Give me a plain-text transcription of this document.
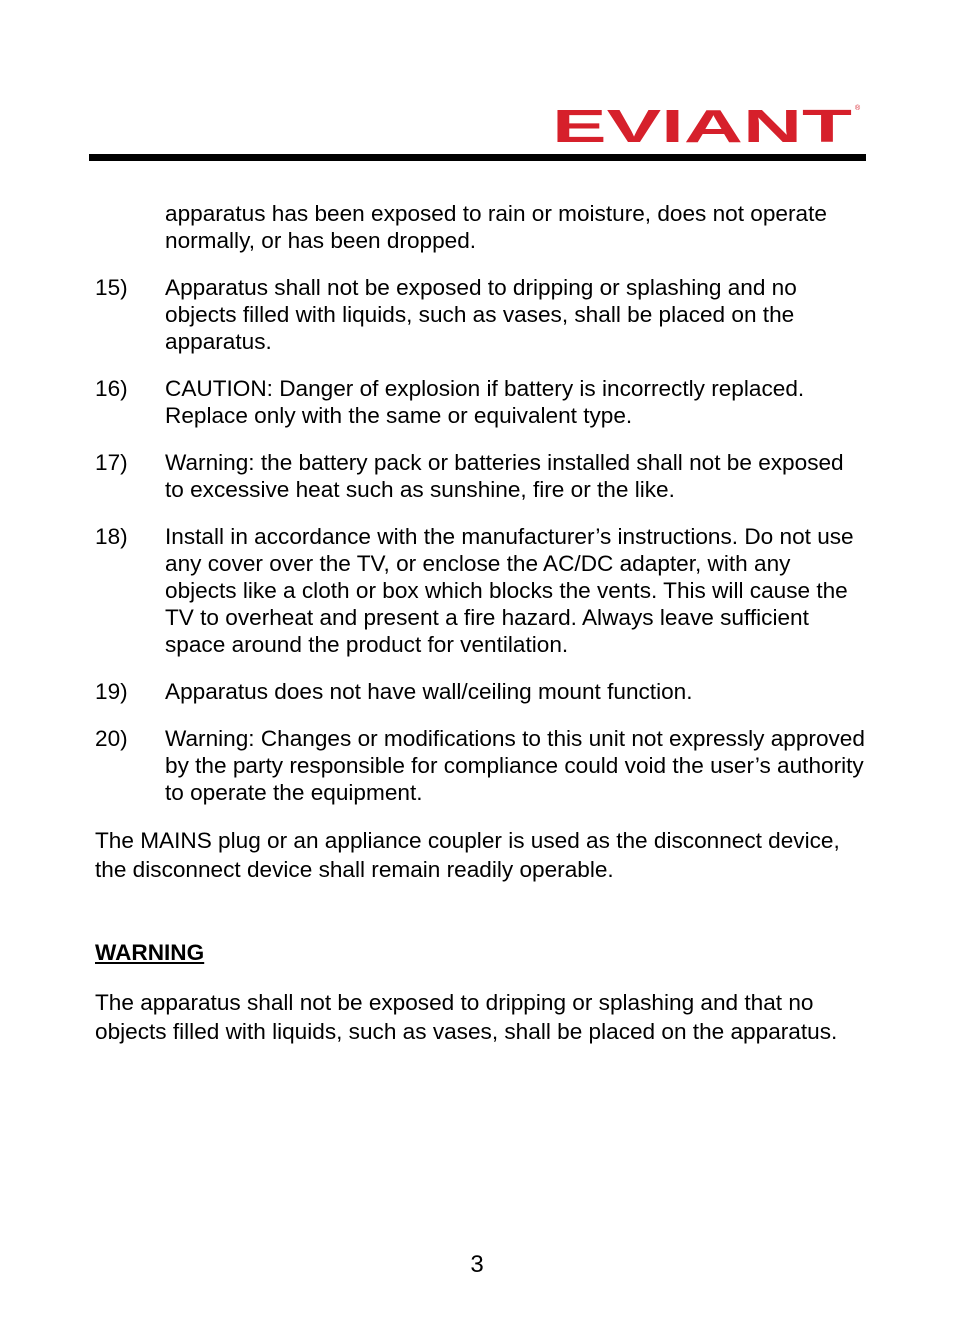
EVIANT ®
apparatus has been exposed to rain or moisture, does not operate normally, or has been dropped.
15)	Apparatus shall not be exposed to dripping or splashing and no objects filled with liquids, such as vases, shall be placed on the apparatus.
16)	CAUTION: Danger of explosion if battery is incorrectly replaced. Replace only with the same or equivalent type.
17)	Warning: the battery pack or batteries installed shall not be exposed to excessive heat such as sunshine, fire or the like.
18)	Install in accordance with the manufacturer’s instructions. Do not use any cover over the TV, or enclose the AC/DC adapter, with any objects like a cloth or box which blocks the vents. This will cause the TV to overheat and present a fire hazard. Always leave sufficient space around the product for ventilation.
19)	Apparatus does not have wall/ceiling mount function.
20)	Warning: Changes or modifications to this unit not expressly approved by the party responsible for compliance could void the user’s authority to operate the equipment.
The MAINS plug or an appliance coupler is used as the disconnect device, the disconnect device shall remain readily operable.
WARNING
The apparatus shall not be exposed to dripping or splashing and that no objects filled with liquids, such as vases, shall be placed on the apparatus.
3
